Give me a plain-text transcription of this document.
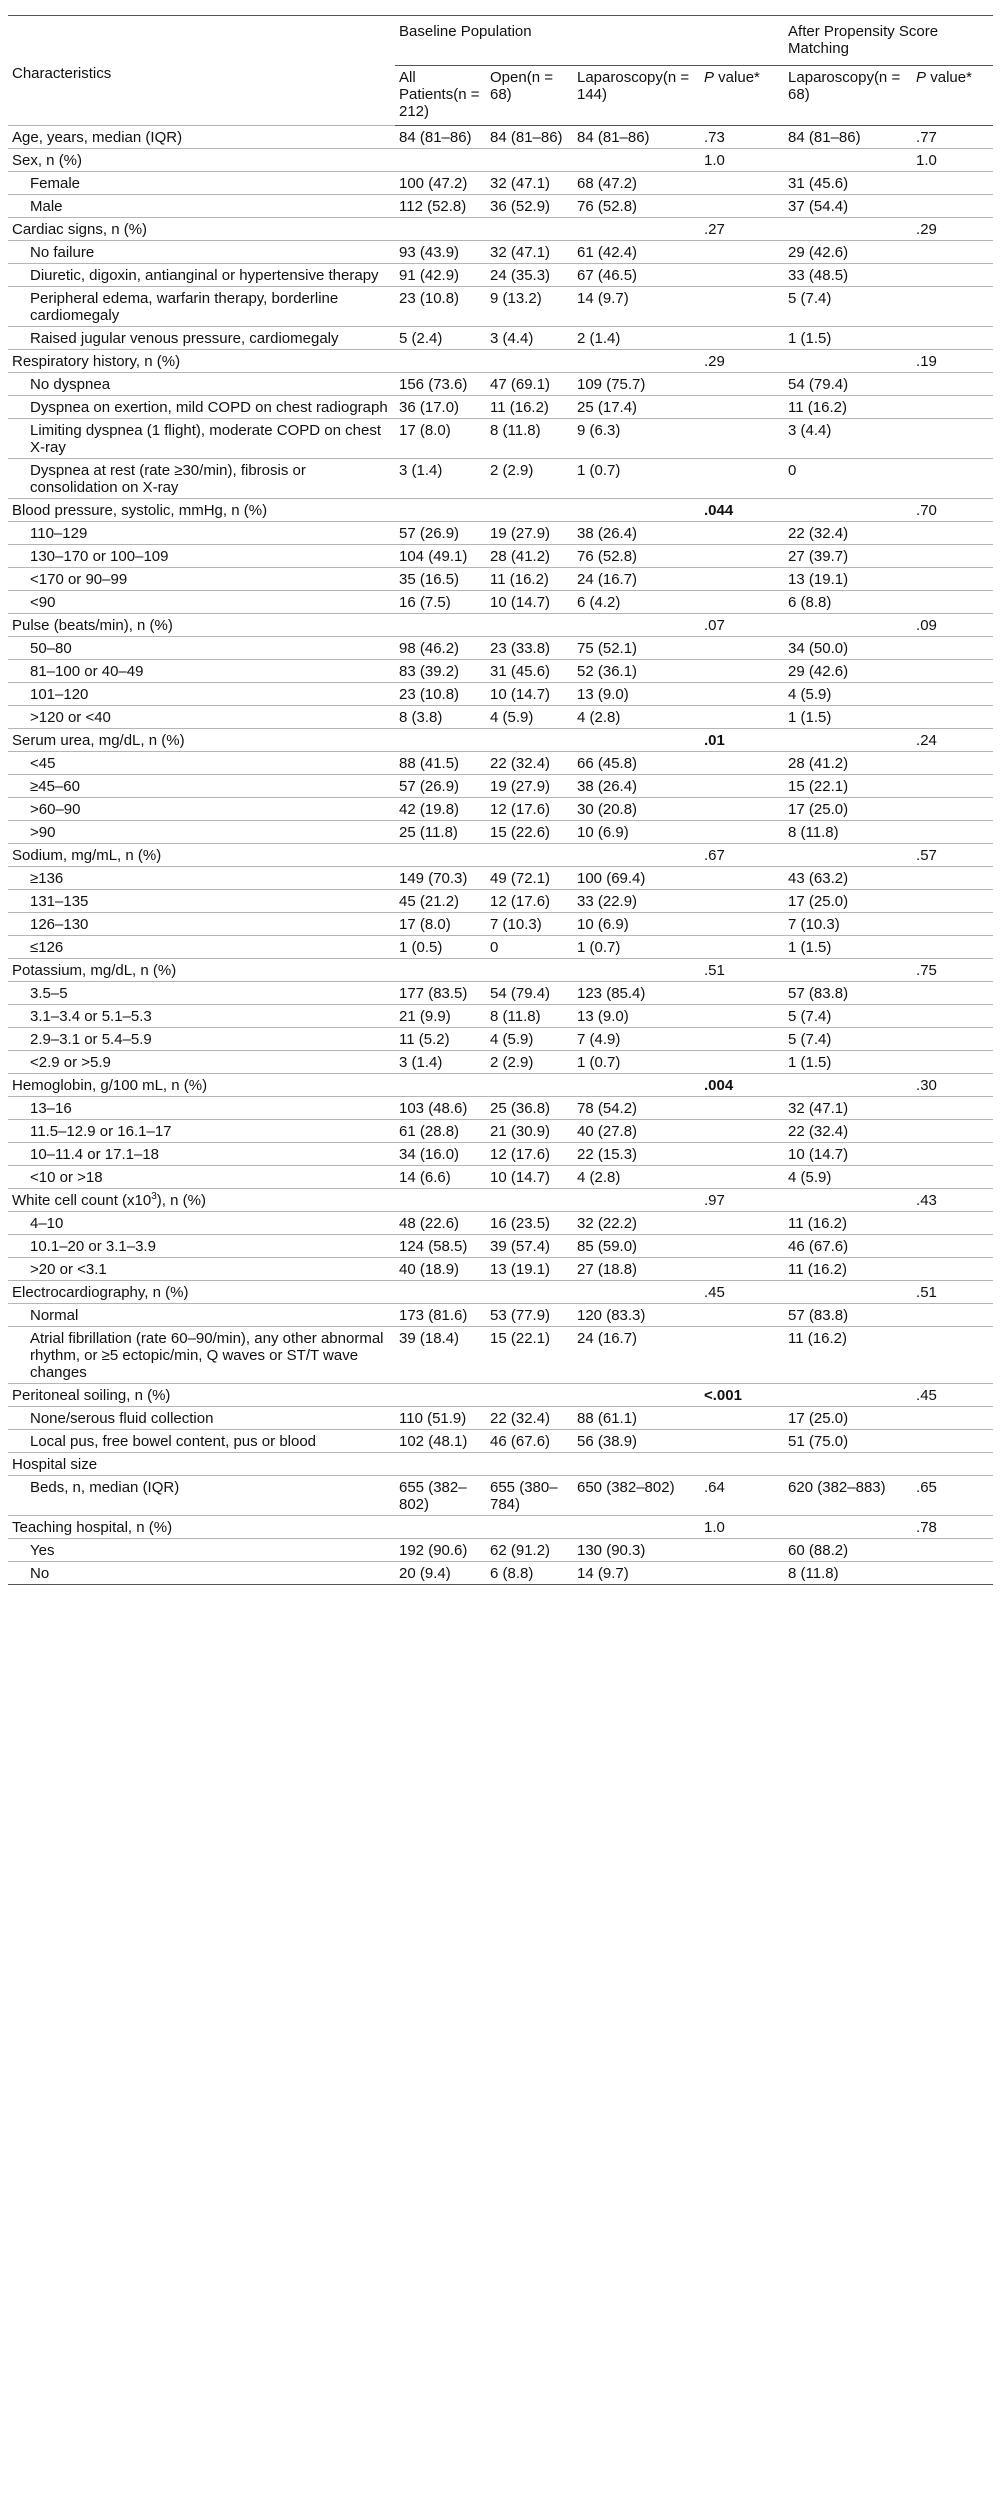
Characteristics	Baseline Population				After Propensity Score Matching	
	All Patients(n = 212)	Open(n = 68)	Laparoscopy(n = 144)	P value*	Laparoscopy(n = 68)	P value*
Age, years, median (IQR)	84 (81–86)	84 (81–86)	84 (81–86)	.73	84 (81–86)	.77
Sex, n (%)				1.0		1.0
Female	100 (47.2)	32 (47.1)	68 (47.2)		31 (45.6)	
Male	112 (52.8)	36 (52.9)	76 (52.8)		37 (54.4)	
Cardiac signs, n (%)				.27		.29
No failure	93 (43.9)	32 (47.1)	61 (42.4)		29 (42.6)	
Diuretic, digoxin, antianginal or hypertensive therapy	91 (42.9)	24 (35.3)	67 (46.5)		33 (48.5)	
Peripheral edema, warfarin therapy, borderline cardiomegaly	23 (10.8)	9 (13.2)	14 (9.7)		5 (7.4)	
Raised jugular venous pressure, cardiomegaly	5 (2.4)	3 (4.4)	2 (1.4)		1 (1.5)	
Respiratory history, n (%)				.29		.19
No dyspnea	156 (73.6)	47 (69.1)	109 (75.7)		54 (79.4)	
Dyspnea on exertion, mild COPD on chest radiograph	36 (17.0)	11 (16.2)	25 (17.4)		11 (16.2)	
Limiting dyspnea (1 flight), moderate COPD on chest X-ray	17 (8.0)	8 (11.8)	9 (6.3)		3 (4.4)	
Dyspnea at rest (rate ≥30/min), fibrosis or consolidation on X-ray	3 (1.4)	2 (2.9)	1 (0.7)		0	
Blood pressure, systolic, mmHg, n (%)				.044		.70
110–129	57 (26.9)	19 (27.9)	38 (26.4)		22 (32.4)	
130–170 or 100–109	104 (49.1)	28 (41.2)	76 (52.8)		27 (39.7)	
<170 or 90–99	35 (16.5)	11 (16.2)	24 (16.7)		13 (19.1)	
<90	16 (7.5)	10 (14.7)	6 (4.2)		6 (8.8)	
Pulse (beats/min), n (%)				.07		.09
50–80	98 (46.2)	23 (33.8)	75 (52.1)		34 (50.0)	
81–100 or 40–49	83 (39.2)	31 (45.6)	52 (36.1)		29 (42.6)	
101–120	23 (10.8)	10 (14.7)	13 (9.0)		4 (5.9)	
>120 or <40	8 (3.8)	4 (5.9)	4 (2.8)		1 (1.5)	
Serum urea, mg/dL, n (%)				.01		.24
<45	88 (41.5)	22 (32.4)	66 (45.8)		28 (41.2)	
≥45–60	57 (26.9)	19 (27.9)	38 (26.4)		15 (22.1)	
>60–90	42 (19.8)	12 (17.6)	30 (20.8)		17 (25.0)	
>90	25 (11.8)	15 (22.6)	10 (6.9)		8 (11.8)	
Sodium, mg/mL, n (%)				.67		.57
≥136	149 (70.3)	49 (72.1)	100 (69.4)		43 (63.2)	
131–135	45 (21.2)	12 (17.6)	33 (22.9)		17 (25.0)	
126–130	17 (8.0)	7 (10.3)	10 (6.9)		7 (10.3)	
≤126	1 (0.5)	0	1 (0.7)		1 (1.5)	
Potassium, mg/dL, n (%)				.51		.75
3.5–5	177 (83.5)	54 (79.4)	123 (85.4)		57 (83.8)	
3.1–3.4 or 5.1–5.3	21 (9.9)	8 (11.8)	13 (9.0)		5 (7.4)	
2.9–3.1 or 5.4–5.9	11 (5.2)	4 (5.9)	7 (4.9)		5 (7.4)	
<2.9 or >5.9	3 (1.4)	2 (2.9)	1 (0.7)		1 (1.5)	
Hemoglobin, g/100 mL, n (%)				.004		.30
13–16	103 (48.6)	25 (36.8)	78 (54.2)		32 (47.1)	
11.5–12.9 or 16.1–17	61 (28.8)	21 (30.9)	40 (27.8)		22 (32.4)	
10–11.4 or 17.1–18	34 (16.0)	12 (17.6)	22 (15.3)		10 (14.7)	
<10 or >18	14 (6.6)	10 (14.7)	4 (2.8)		4 (5.9)	
White cell count $(x10^3)$, n (%)				.97		.43
4–10	48 (22.6)	16 (23.5)	32 (22.2)		11 (16.2)	
10.1–20 or 3.1–3.9	124 (58.5)	39 (57.4)	85 (59.0)		46 (67.6)	
>20 or <3.1	40 (18.9)	13 (19.1)	27 (18.8)		11 (16.2)	
Electrocardiography, n (%)				.45		.51
Normal	173 (81.6)	53 (77.9)	120 (83.3)		57 (83.8)	
Atrial fibrillation (rate 60–90/min), any other abnormal rhythm, or ≥5 ectopic/min, Q waves or ST/T wave changes	39 (18.4)	15 (22.1)	24 (16.7)		11 (16.2)	
Peritoneal soiling, n (%)				<.001		.45
None/serous fluid collection	110 (51.9)	22 (32.4)	88 (61.1)		17 (25.0)	
Local pus, free bowel content, pus or blood	102 (48.1)	46 (67.6)	56 (38.9)		51 (75.0)	
Hospital size						
Beds, n, median (IQR)	655 (382–802)	655 (380–784)	650 (382–802)	.64	620 (382–883)	.65
Teaching hospital, n (%)				1.0		.78
Yes	192 (90.6)	62 (91.2)	130 (90.3)		60 (88.2)	
No	20 (9.4)	6 (8.8)	14 (9.7)		8 (11.8)	
